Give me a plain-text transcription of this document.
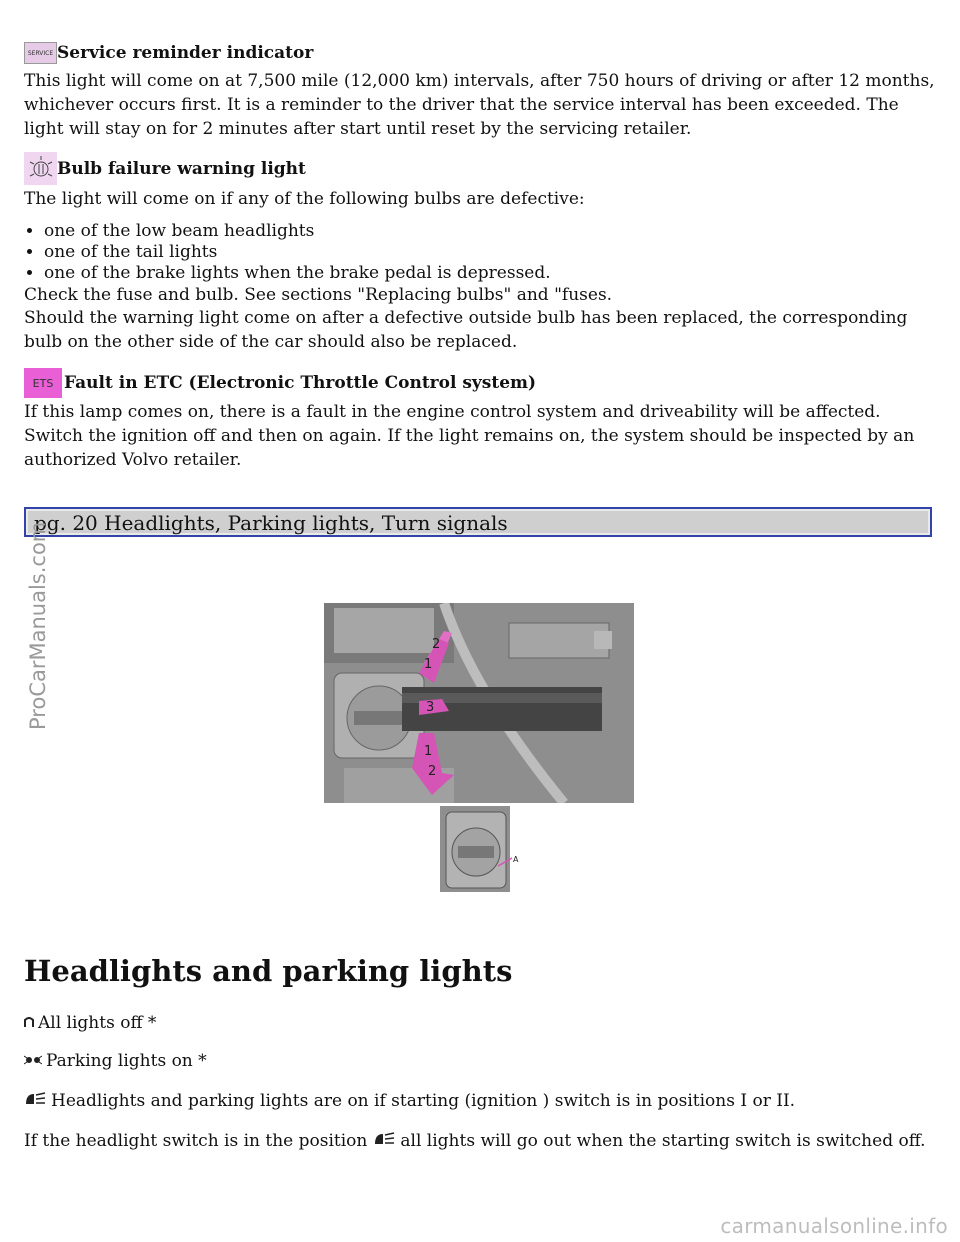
SERVICE Service reminder indicator

This light will come on at 7,500 mile (12,000 km) intervals, after 750 hours of driving or after 12 months, whichever occurs first. It is a reminder to the driver that the service interval has been exceeded. The light will stay on for 2 minutes after start until reset by the servicing retailer.

Bulb failure warning light

The light will come on if any of the following bulbs are defective:

• one of the low beam headlights
• one of the tail lights
• one of the brake lights when the brake pedal is depressed.

Check the fuse and bulb. See sections "Replacing bulbs" and "fuses.

Should the warning light come on after a defective outside bulb has been replaced, the corresponding bulb on the other side of the car should also be replaced.

ETS Fault in ETC (Electronic Throttle Control system)

If this lamp comes on, there is a fault in the engine control system and driveability will be affected. Switch the ignition off and then on again. If the light remains on, the system should be inspected by an authorized Volvo retailer.

pg. 20 Headlights, Parking lights, Turn signals
2
1
3
1
2
A
Headlights and parking lights
All lights off *
Parking lights on *
Headlights and parking lights are on if starting (ignition ) switch is in positions I or II.
If the headlight switch is in the position all lights will go out when the starting switch is switched off.
ProCarManuals.com
carmanualsonline.info
